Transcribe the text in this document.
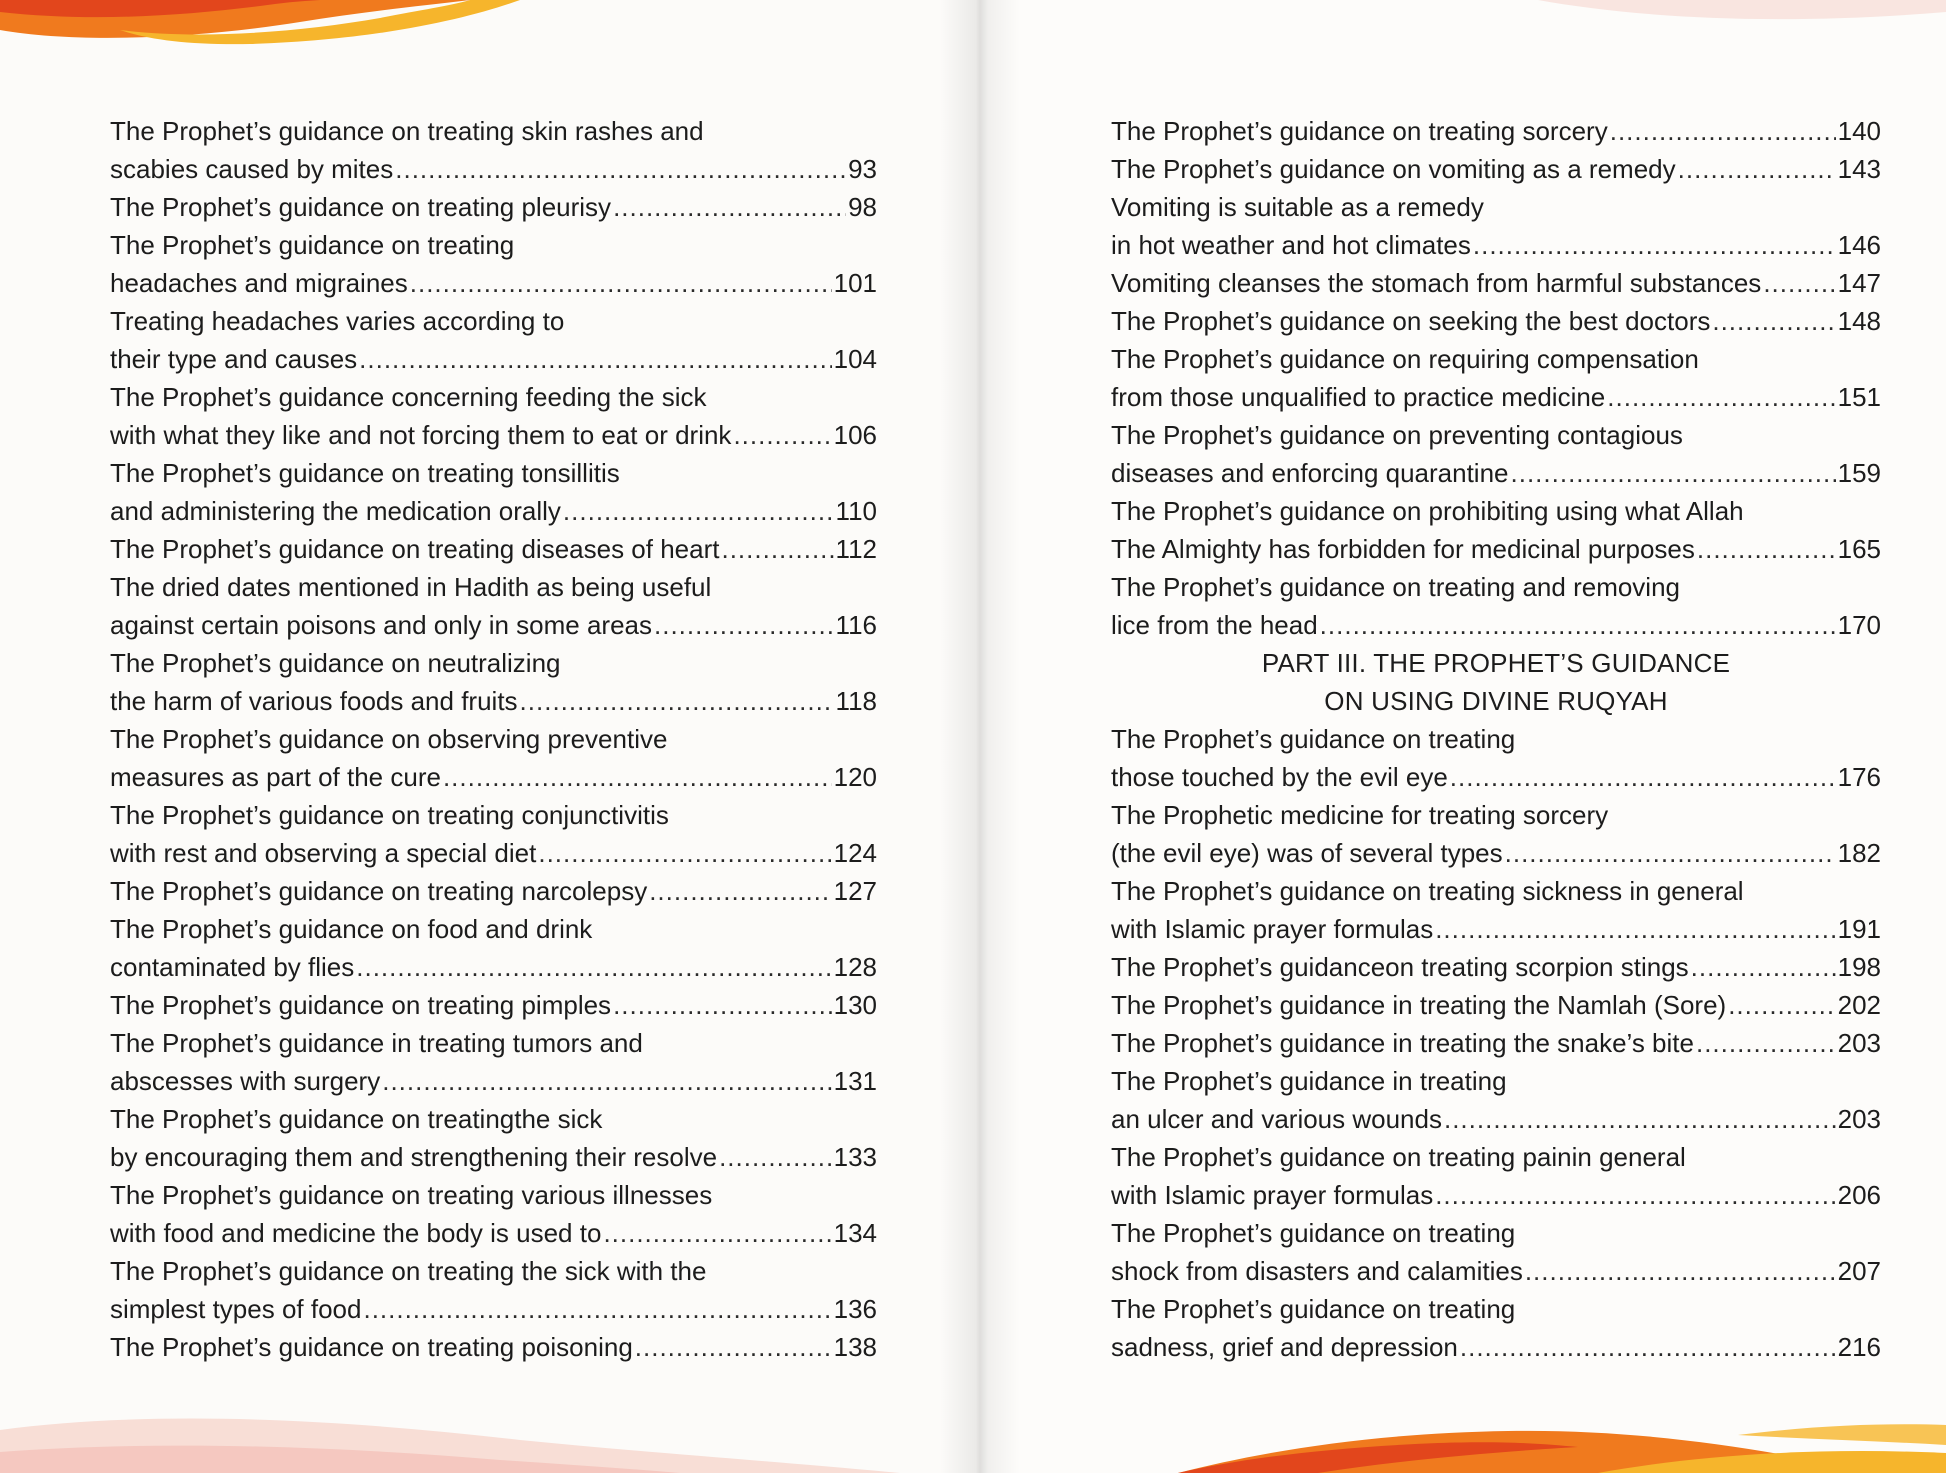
The Prophet’s guidance on treating skin rashes and
scabies caused by mites .....	93
The Prophet’s guidance on treating pleurisy .....	98
The Prophet’s guidance on treating
headaches and migraines .....	101
Treating headaches varies according to
their type and causes .....	104
The Prophet’s guidance concerning feeding the sick
with what they like and not forcing them to eat or drink .....	106
The Prophet’s guidance on treating tonsillitis
and administering the medication orally .....	110
The Prophet’s guidance on treating diseases of heart .....	112
The dried dates mentioned in Hadith as being useful
against certain poisons and only in some areas .....	116
The Prophet’s guidance on neutralizing
the harm of various foods and fruits .....	118
The Prophet’s guidance on observing preventive
measures as part of the cure .....	120
The Prophet’s guidance on treating conjunctivitis
with rest and observing a special diet .....	124
The Prophet’s guidance on treating narcolepsy .....	127
The Prophet’s guidance on food and drink
contaminated by flies .....	128
The Prophet’s guidance on treating pimples .....	130
The Prophet’s guidance in treating tumors and
abscesses with surgery .....	131
The Prophet’s guidance on treatingthe sick
by encouraging them and strengthening their resolve .....	133
The Prophet’s guidance on treating various illnesses
with food and medicine the body is used to .....	134
The Prophet’s guidance on treating the sick with the
simplest types of food .....	136
The Prophet’s guidance on treating poisoning .....	138
The Prophet’s guidance on treating sorcery .....	140
The Prophet’s guidance on vomiting as a remedy .....	143
Vomiting is suitable as a remedy
in hot weather and hot climates .....	146
Vomiting cleanses the stomach from harmful substances .....	147
The Prophet’s guidance on seeking the best doctors .....	148
The Prophet’s guidance on requiring compensation
from those unqualified to practice medicine .....	151
The Prophet’s guidance on preventing contagious
diseases and enforcing quarantine .....	159
The Prophet’s guidance on prohibiting using what Allah
The Almighty has forbidden for medicinal purposes .....	165
The Prophet’s guidance on treating and removing
lice from the head .....	170
PART III. THE PROPHET’S GUIDANCE
ON USING DIVINE RUQYAH
The Prophet’s guidance on treating
those touched by the evil eye .....	176
The Prophetic medicine for treating sorcery
(the evil eye) was of several types .....	182
The Prophet’s guidance on treating sickness in general
with Islamic prayer formulas .....	191
The Prophet’s guidanceon treating scorpion stings .....	198
The Prophet’s guidance in treating the Namlah (Sore) .....	202
The Prophet’s guidance in treating the snake’s bite .....	203
The Prophet’s guidance in treating
an ulcer and various wounds .....	203
The Prophet’s guidance on treating painin general
with Islamic prayer formulas .....	206
The Prophet’s guidance on treating
shock from disasters and calamities .....	207
The Prophet’s guidance on treating
sadness, grief and depression .....	216
